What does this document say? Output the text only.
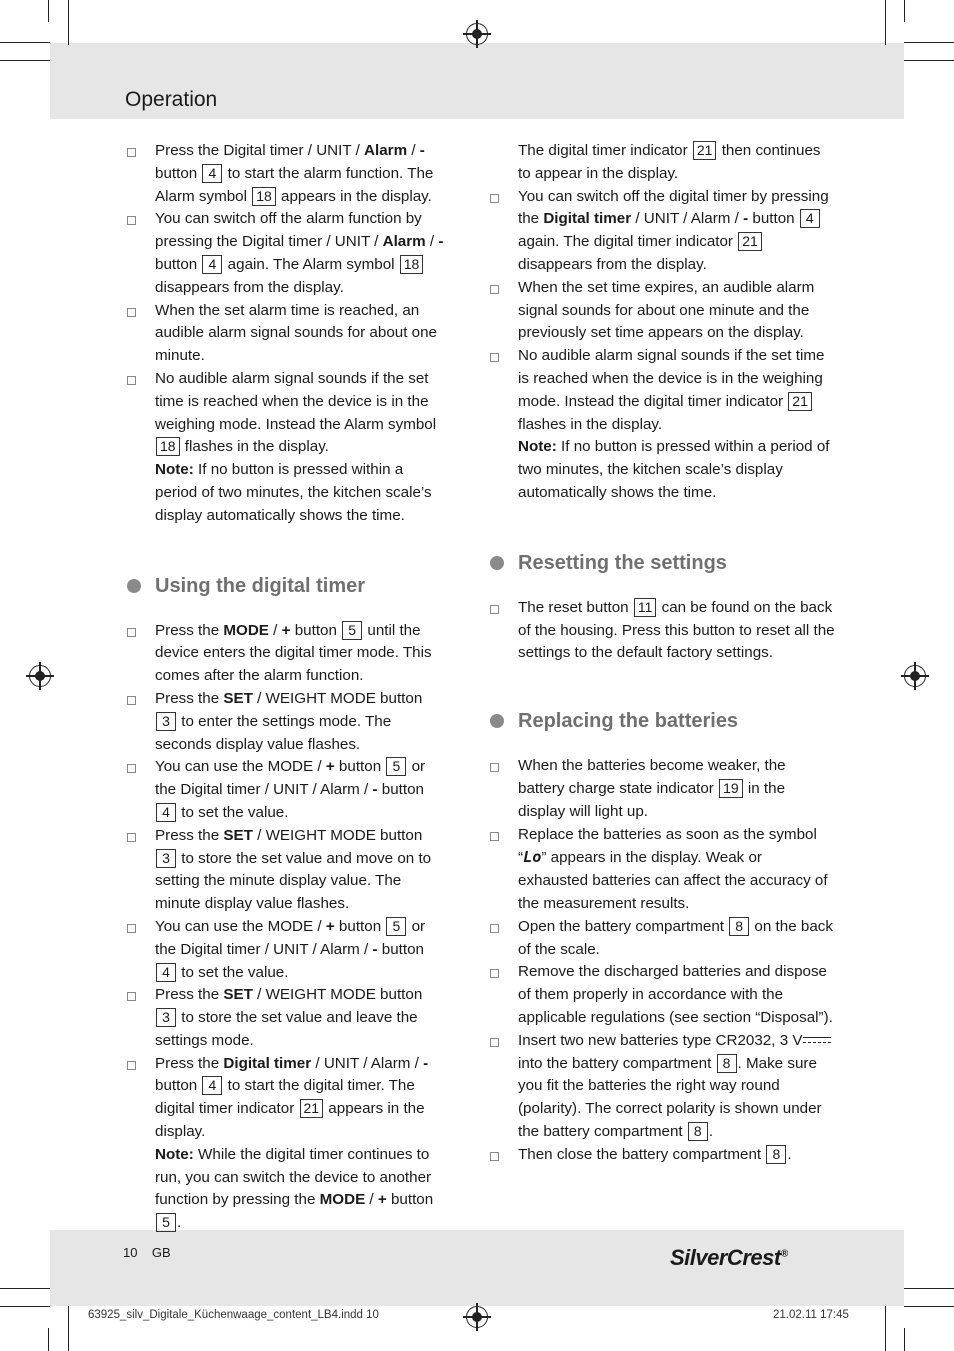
Operation
Press the Digital timer / UNIT / Alarm / - button 4 to start the alarm function. The Alarm symbol 18 appears in the display.
You can switch off the alarm function by pressing the Digital timer / UNIT / Alarm / - button 4 again. The Alarm symbol 18 disappears from the display.
When the set alarm time is reached, an audible alarm signal sounds for about one minute.
No audible alarm signal sounds if the set time is reached when the device is in the weighing mode. Instead the Alarm symbol 18 flashes in the display.
Note: If no button is pressed within a period of two minutes, the kitchen scale’s display automatically shows the time.
Using the digital timer
Press the MODE / + button 5 until the device enters the digital timer mode. This comes after the alarm function.
Press the SET / WEIGHT MODE button 3 to enter the settings mode. The seconds display value flashes.
You can use the MODE / + button 5 or the Digital timer / UNIT / Alarm / - button 4 to set the value.
Press the SET / WEIGHT MODE button 3 to store the set value and move on to setting the minute display value. The minute display value flashes.
You can use the MODE / + button 5 or the Digital timer / UNIT / Alarm / - button 4 to set the value.
Press the SET / WEIGHT MODE button 3 to store the set value and leave the settings mode.
Press the Digital timer / UNIT / Alarm / - button 4 to start the digital timer. The digital timer indicator 21 appears in the display.
Note: While the digital timer continues to run, you can switch the device to another function by pressing the MODE / + button 5 .
The digital timer indicator 21 then continues to appear in the display.
You can switch off the digital timer by pressing the Digital timer / UNIT / Alarm / - button 4 again. The digital timer indicator 21 disappears from the display.
When the set time expires, an audible alarm signal sounds for about one minute and the previously set time appears on the display.
No audible alarm signal sounds if the set time is reached when the device is in the weighing mode. Instead the digital timer indicator 21 flashes in the display.
Note: If no button is pressed within a period of two minutes, the kitchen scale’s display automatically shows the time.
Resetting the settings
The reset button 11 can be found on the back of the housing. Press this button to reset all the settings to the default factory settings.
Replacing the batteries
When the batteries become weaker, the battery charge state indicator 19 in the display will light up.
Replace the batteries as soon as the symbol “Lo” appears in the display. Weak or exhausted batteries can affect the accuracy of the measurement results.
Open the battery compartment 8 on the back of the scale.
Remove the discharged batteries and dispose of them properly in accordance with the applicable regulations (see section “Disposal”).
Insert two new batteries type CR2032, 3 V into the battery compartment 8 . Make sure you fit the batteries the right way round (polarity). The correct polarity is shown under the battery compartment 8 .
Then close the battery compartment 8 .
10 GB	SilverCrest®
63925_silv_Digitale_Küchenwaage_content_LB4.indd 10	21.02.11 17:45
